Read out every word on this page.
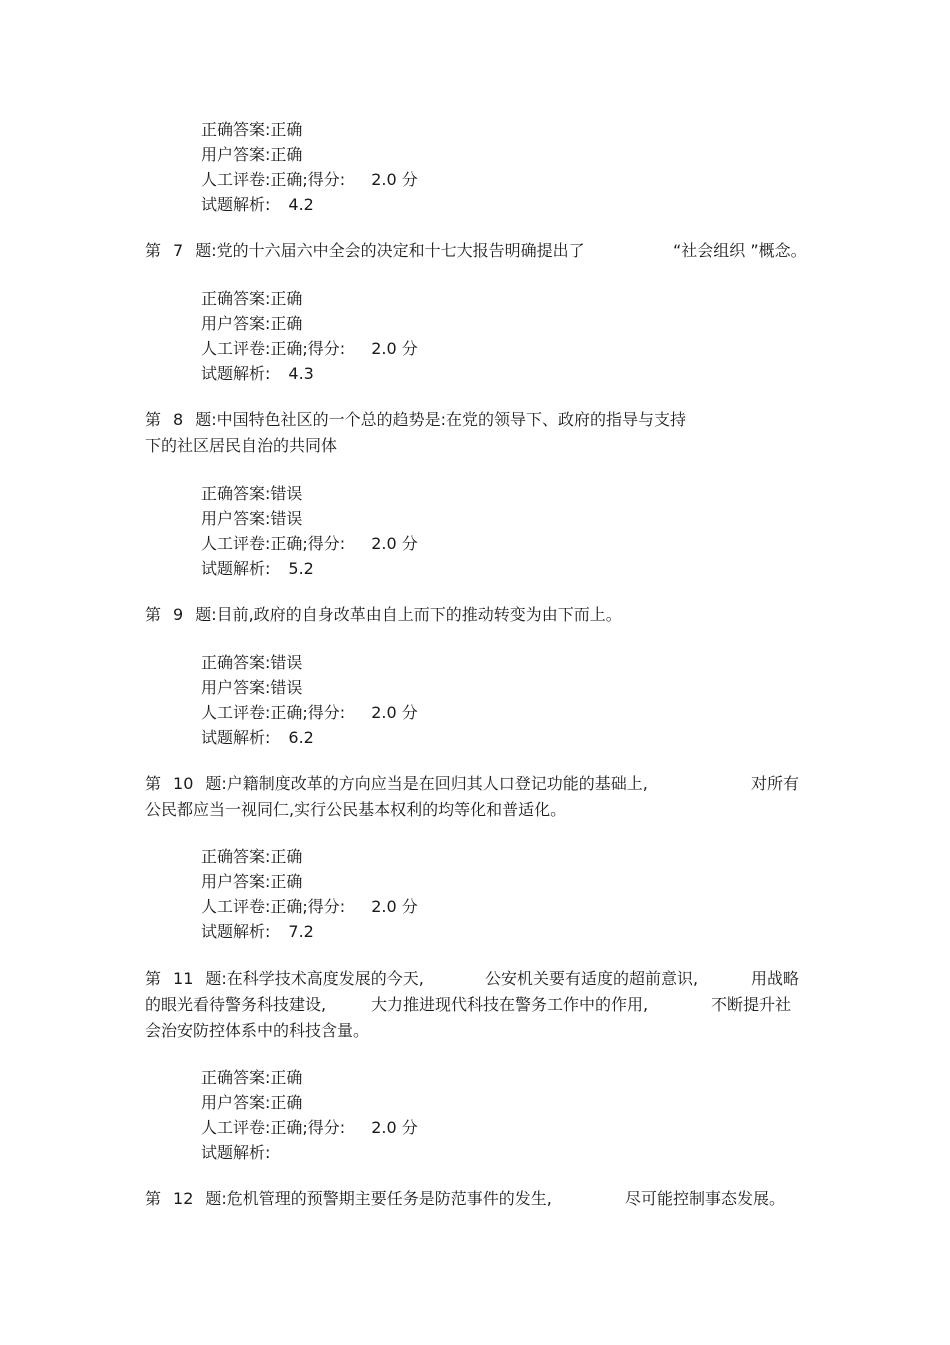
正确答案:正确
用户答案:正确
人工评卷:正确;得分: 2.0 分
试题解析: 4.2
第 7 题:党的十六届六中全会的决定和十七大报告明确提出了	“社会组织 ”概念。
正确答案:正确
用户答案:正确
人工评卷:正确;得分: 2.0 分
试题解析: 4.3
第 8 题:中国特色社区的一个总的趋势是:在党的领导下、政府的指导与支持
下的社区居民自治的共同体
正确答案:错误
用户答案:错误
人工评卷:正确;得分: 2.0 分
试题解析: 5.2
第 9 题:目前,政府的自身改革由自上而下的推动转变为由下而上。
正确答案:错误
用户答案:错误
人工评卷:正确;得分: 2.0 分
试题解析: 6.2
第 10 题:户籍制度改革的方向应当是在回归其人口登记功能的基础上,	对所有
公民都应当一视同仁,实行公民基本权利的均等化和普适化。
正确答案:正确
用户答案:正确
人工评卷:正确;得分: 2.0 分
试题解析: 7.2
第 11 题:在科学技术高度发展的今天,	公安机关要有适度的超前意识,	用战略
的眼光看待警务科技建设,	大力推进现代科技在警务工作中的作用,	不断提升社
会治安防控体系中的科技含量。
正确答案:正确
用户答案:正确
人工评卷:正确;得分: 2.0 分
试题解析:
第 12 题:危机管理的预警期主要任务是防范事件的发生,	尽可能控制事态发展。
